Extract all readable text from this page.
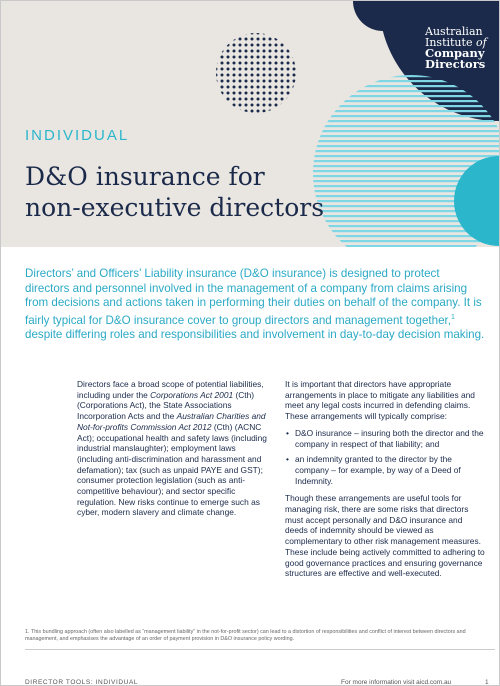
Australian
Institute of
Company
Directors
INDIVIDUAL
D&O insurance for
non-executive directors
Directors’ and Officers’ Liability insurance (D&O insurance) is designed to protect directors and personnel involved in the management of a company from claims arising from decisions and actions taken in performing their duties on behalf of the company. It is fairly typical for D&O insurance cover to group directors and management together,$^1$ despite differing roles and responsibilities and involvement in day-to-day decision making.

Directors face a broad scope of potential liabilities, including under the Corporations Act 2001 (Cth) (Corporations Act), the State Associations Incorporation Acts and the Australian Charities and Not-for-profits Commission Act 2012 (Cth) (ACNC Act); occupational health and safety laws (including industrial manslaughter); employment laws (including anti-discrimination and harassment and defamation); tax (such as unpaid PAYE and GST); consumer protection legislation (such as anti-competitive behaviour); and sector specific regulation. New risks continue to emerge such as cyber, modern slavery and climate change.

It is important that directors have appropriate arrangements in place to mitigate any liabilities and meet any legal costs incurred in defending claims. These arrangements will typically comprise:

• D&O insurance – insuring both the director and the company in respect of that liability; and
• an indemnity granted to the director by the company – for example, by way of a Deed of Indemnity.

Though these arrangements are useful tools for managing risk, there are some risks that directors must accept personally and D&O insurance and deeds of indemnity should be viewed as complementary to other risk management measures. These include being actively committed to adhering to good governance practices and ensuring governance structures are effective and well-executed.

1. This bundling approach (often also labelled as “management liability” in the not-for-profit sector) can lead to a distortion of responsibilities and conflict of interest between directors and management, and emphasises the advantage of an order of payment provision in D&O insurance policy wording.
DIRECTOR TOOLS: INDIVIDUAL	For more information visit aicd.com.au	1
